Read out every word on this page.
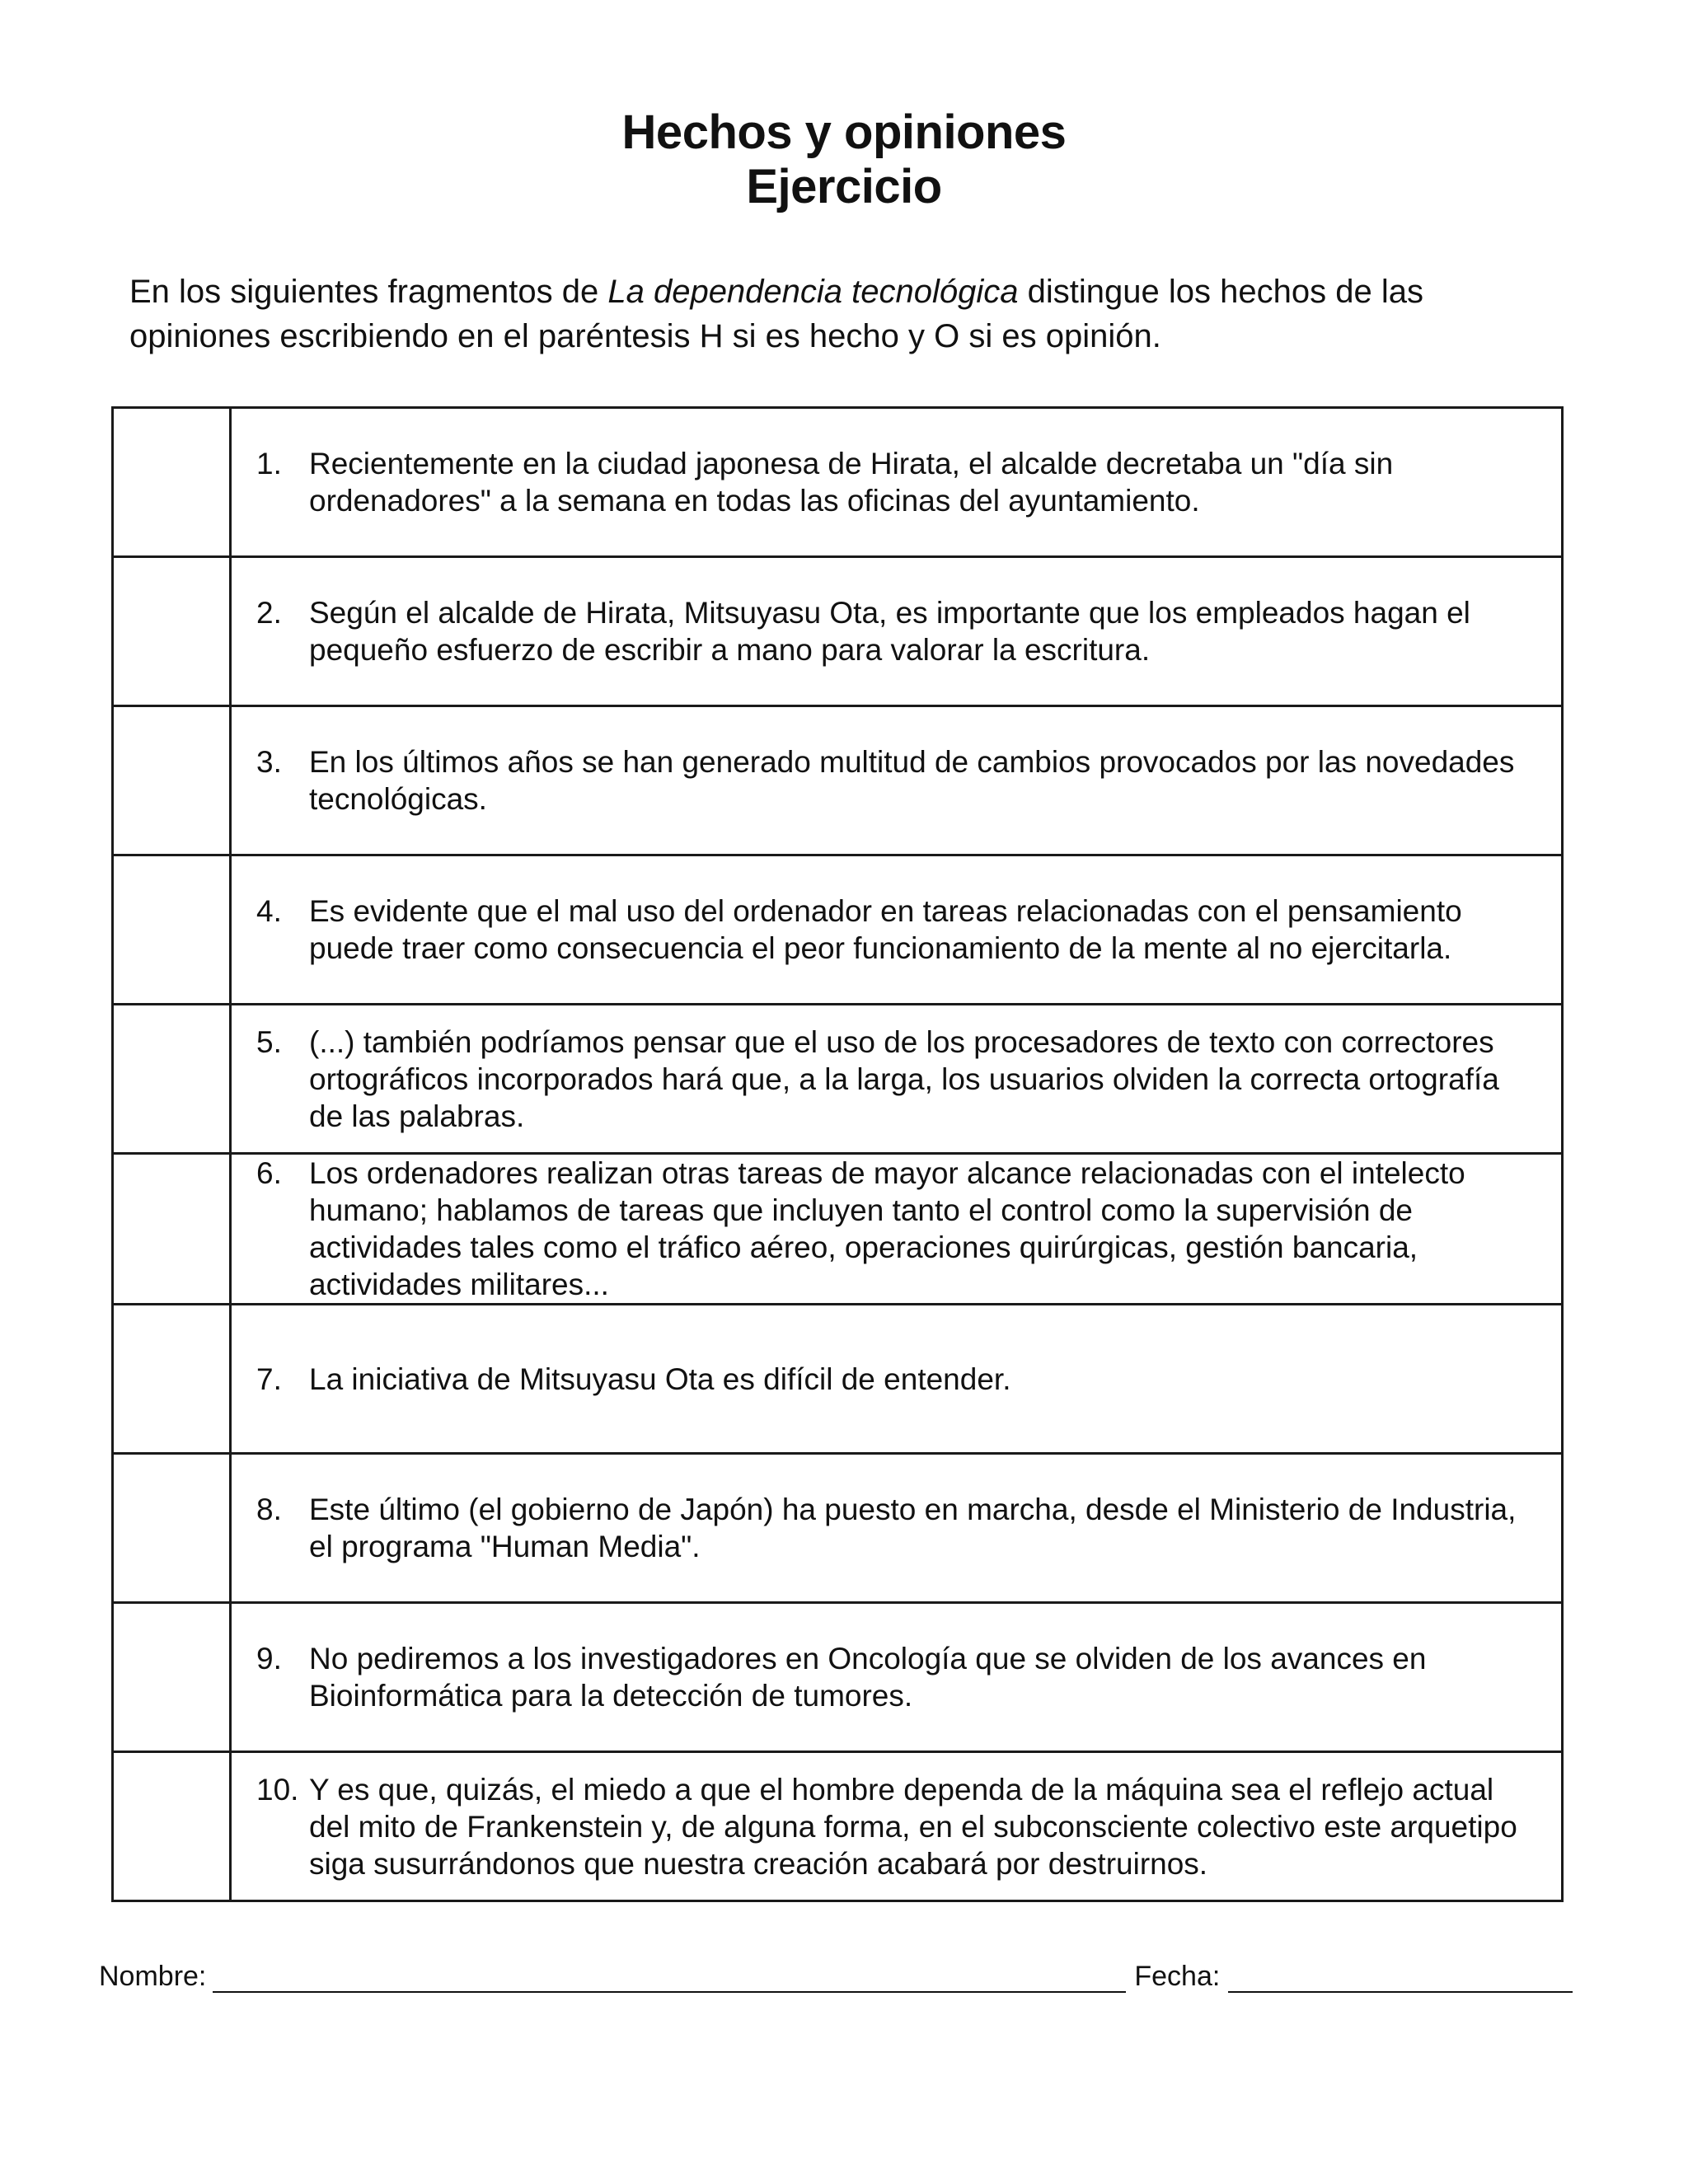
Hechos y opiniones
Ejercicio
En los siguientes fragmentos de La dependencia tecnológica distingue los hechos de las opiniones escribiendo en el paréntesis H si es hecho y O si es opinión.

	1. Recientemente en la ciudad japonesa de Hirata, el alcalde decretaba un "día sin ordenadores" a la semana en todas las oficinas del ayuntamiento.

	2. Según el alcalde de Hirata, Mitsuyasu Ota, es importante que los empleados hagan el pequeño esfuerzo de escribir a mano para valorar la escritura.

	3. En los últimos años se han generado multitud de cambios provocados por las novedades tecnológicas.

	4. Es evidente que el mal uso del ordenador en tareas relacionadas con el pensamiento puede traer como consecuencia el peor funcionamiento de la mente al no ejercitarla.

	5. (...) también podríamos pensar que el uso de los procesadores de texto con correctores ortográficos incorporados hará que, a la larga, los usuarios olviden la correcta ortografía de las palabras.

	6. Los ordenadores realizan otras tareas de mayor alcance relacionadas con el intelecto humano; hablamos de tareas que incluyen tanto el control como la supervisión de actividades tales como el tráfico aéreo, operaciones quirúrgicas, gestión bancaria, actividades militares...

	7. La iniciativa de Mitsuyasu Ota es difícil de entender.

	8. Este último (el gobierno de Japón) ha puesto en marcha, desde el Ministerio de Industria, el programa "Human Media".

	9. No pediremos a los investigadores en Oncología que se olviden de los avances en Bioinformática para la detección de tumores.

	10. Y es que, quizás, el miedo a que el hombre dependa de la máquina sea el reflejo actual del mito de Frankenstein y, de alguna forma, en el subconsciente colectivo este arquetipo siga susurrándonos que nuestra creación acabará por destruirnos.
Nombre:	Fecha:
